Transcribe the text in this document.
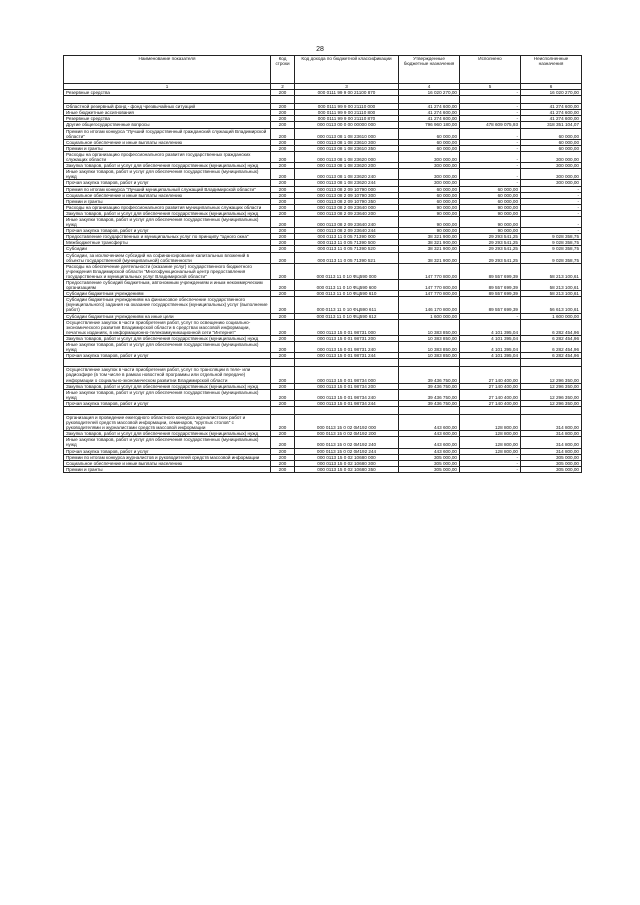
28
Наименование показателя	Код строки	Код дохода по бюджетной классификации	Утвержденные бюджетные назначения	Исполнено	Неисполненные назначения
1	2	3	4	5	6
Резервные средства	200	000 0111 99 9 00 21100 870	16 020 270,00	-	16 020 270,00

Областной резервный фонд - фонд чрезвычайных ситуаций	200	000 0111 99 9 00 21110 000	41 274 600,00	-	41 274 600,00
Иные бюджетные ассигнования	200	000 0111 99 9 00 21110 800	41 274 600,00	-	41 274 600,00
Резервные средства	200	000 0111 99 9 00 21110 870	41 274 600,00	-	41 274 600,00
Другие общегосударственные вопросы	200	000 0113 00 0 00 00000 000	796 960 180,00	478 609 075,93	318 351 104,07
Премия по итогам конкурса "Лучший государственный гражданский служащий Владимирской области"	200	000 0113 08 1 08 23610 000	60 000,00	-	60 000,00
Социальное обеспечение и иные выплаты населению	200	000 0113 08 1 08 23610 300	60 000,00	-	60 000,00
Премии и гранты	200	000 0113 08 1 08 23610 350	60 000,00	-	60 000,00
Расходы на организацию профессионального развития государственных гражданских служащих области	200	000 0113 08 1 08 23620 000	300 000,00	-	300 000,00
Закупка товаров, работ и услуг для обеспечения государственных (муниципальных) нужд	200	000 0113 08 1 08 23620 200	300 000,00	-	300 000,00
Иные закупки товаров, работ и услуг для обеспечения государственных (муниципальных) нужд	200	000 0113 08 1 08 23620 240	300 000,00	-	300 000,00
Прочая закупка товаров, работ и услуг	200	000 0113 08 1 08 23620 244	300 000,00	-	300 000,00
Премия по итогам конкурса "Лучший муниципальный служащий Владимирской области"	200	000 0113 08 2 09 10790 000	60 000,00	60 000,00	-
Социальное обеспечение и иные выплаты населению	200	000 0113 08 2 09 10790 300	60 000,00	60 000,00	-
Премии и гранты	200	000 0113 08 2 09 10790 350	60 000,00	60 000,00	-
Расходы на организацию профессионального развития муниципальных служащих области	200	000 0113 08 2 09 23640 000	90 000,00	90 000,00	-
Закупка товаров, работ и услуг для обеспечения государственных (муниципальных) нужд	200	000 0113 08 2 09 23640 200	90 000,00	90 000,00	-
Иные закупки товаров, работ и услуг для обеспечения государственных (муниципальных) нужд	200	000 0113 08 2 09 23640 240	90 000,00	90 000,00	-
Прочая закупка товаров, работ и услуг	200	000 0113 08 2 09 23640 244	90 000,00	90 000,00	-
Предоставление государственных и муниципальных услуг по принципу "одного окна"	200	000 0113 11 0 05 71390 000	38 321 900,00	29 293 541,25	9 028 358,75
Межбюджетные трансферты	200	000 0113 11 0 05 71390 500	38 321 900,00	29 293 541,25	9 028 358,75
Субсидии	200	000 0113 11 0 05 71390 520	38 321 900,00	29 293 541,25	9 028 358,75
Субсидии, за исключением субсидий на софинансирование капитальных вложений в объекты государственной (муниципальной) собственности	200	000 0113 11 0 05 71390 521	38 321 900,00	29 293 541,25	9 028 358,75
Расходы на обеспечение деятельности (оказание услуг) государственного бюджетного учреждения Владимирской области "Многофункциональный центр предоставления государственных и муниципальных услуг Владимирской области"	200	000 0113 11 0 10 ФЦ590 000	147 770 800,00	89 557 699,39	58 213 100,61
Предоставление субсидий бюджетным, автономным учреждениям и иным некоммерческим организациям	200	000 0113 11 0 10 ФЦ590 600	147 770 800,00	89 557 699,39	58 213 100,61
Субсидии бюджетным учреждениям	200	000 0113 11 0 10 ФЦ590 610	147 770 800,00	89 557 699,39	58 213 100,61
Субсидии бюджетным учреждениям на финансовое обеспечение государственного (муниципального) задания на оказание государственных (муниципальных) услуг (выполнение работ)	200	000 0113 11 0 10 ФЦ590 611	146 170 800,00	89 557 699,39	56 613 100,61
Субсидии бюджетным учреждениям на иные цели	200	000 0113 11 0 10 ФЦ590 612	1 600 000,00	-	1 600 000,00
Осуществление закупок в части приобретения работ, услуг по освещению социально-экономического развития Владимирской области в средствах массовой информации, печатных изданиях, в информационно-телекоммуникационной сети "Интернет"	200	000 0113 15 0 01 98731 000	10 383 850,00	4 101 395,04	6 282 454,96
Закупка товаров, работ и услуг для обеспечения государственных (муниципальных) нужд	200	000 0113 15 0 01 98731 200	10 383 850,00	4 101 395,04	6 282 454,96
Иные закупки товаров, работ и услуг для обеспечения государственных (муниципальных) нужд	200	000 0113 15 0 01 98731 240	10 383 850,00	4 101 395,04	6 282 454,96
Прочая закупка товаров, работ и услуг	200	000 0113 15 0 01 98731 244	10 383 850,00	4 101 395,04	6 282 454,96

Осуществление закупок в части приобретения работ, услуг по трансляции в теле- или радиоэфире (в том числе в рамках новостной программы или отдельной передаче) информации о социально-экономическом развитии Владимирской области	200	000 0113 15 0 01 98734 000	39 436 750,00	27 140 400,00	12 296 350,00
Закупка товаров, работ и услуг для обеспечения государственных (муниципальных) нужд	200	000 0113 15 0 01 98734 200	39 436 750,00	27 140 400,00	12 296 350,00
Иные закупки товаров, работ и услуг для обеспечения государственных (муниципальных) нужд	200	000 0113 15 0 01 98734 240	39 436 750,00	27 140 400,00	12 296 350,00
Прочая закупка товаров, работ и услуг	200	000 0113 15 0 01 98734 244	39 436 750,00	27 140 400,00	12 296 350,00

Организация и проведение ежегодного областного конкурса журналистских работ и руководителей средств массовой информации, семинаров, "круглых столов" с руководителями и журналистами средств массовой информации	200	000 0113 15 0 02 0И192 000	443 600,00	128 800,00	314 800,00
Закупка товаров, работ и услуг для обеспечения государственных (муниципальных) нужд	200	000 0113 15 0 02 0И192 200	443 600,00	128 800,00	314 800,00
Иные закупки товаров, работ и услуг для обеспечения государственных (муниципальных) нужд	200	000 0113 15 0 02 0И192 240	443 600,00	128 800,00	314 800,00
Прочая закупка товаров, работ и услуг	200	000 0113 15 0 02 0И192 244	443 600,00	128 800,00	314 800,00
Премии по итогам конкурса журналистов и руководителей средств массовой информации	200	000 0113 15 0 02 10680 000	305 000,00	-	305 000,00
Социальное обеспечение и иные выплаты населению	200	000 0113 15 0 02 10680 300	305 000,00	-	305 000,00
Премии и гранты	200	000 0113 15 0 02 10680 350	305 000,00	-	305 000,00
